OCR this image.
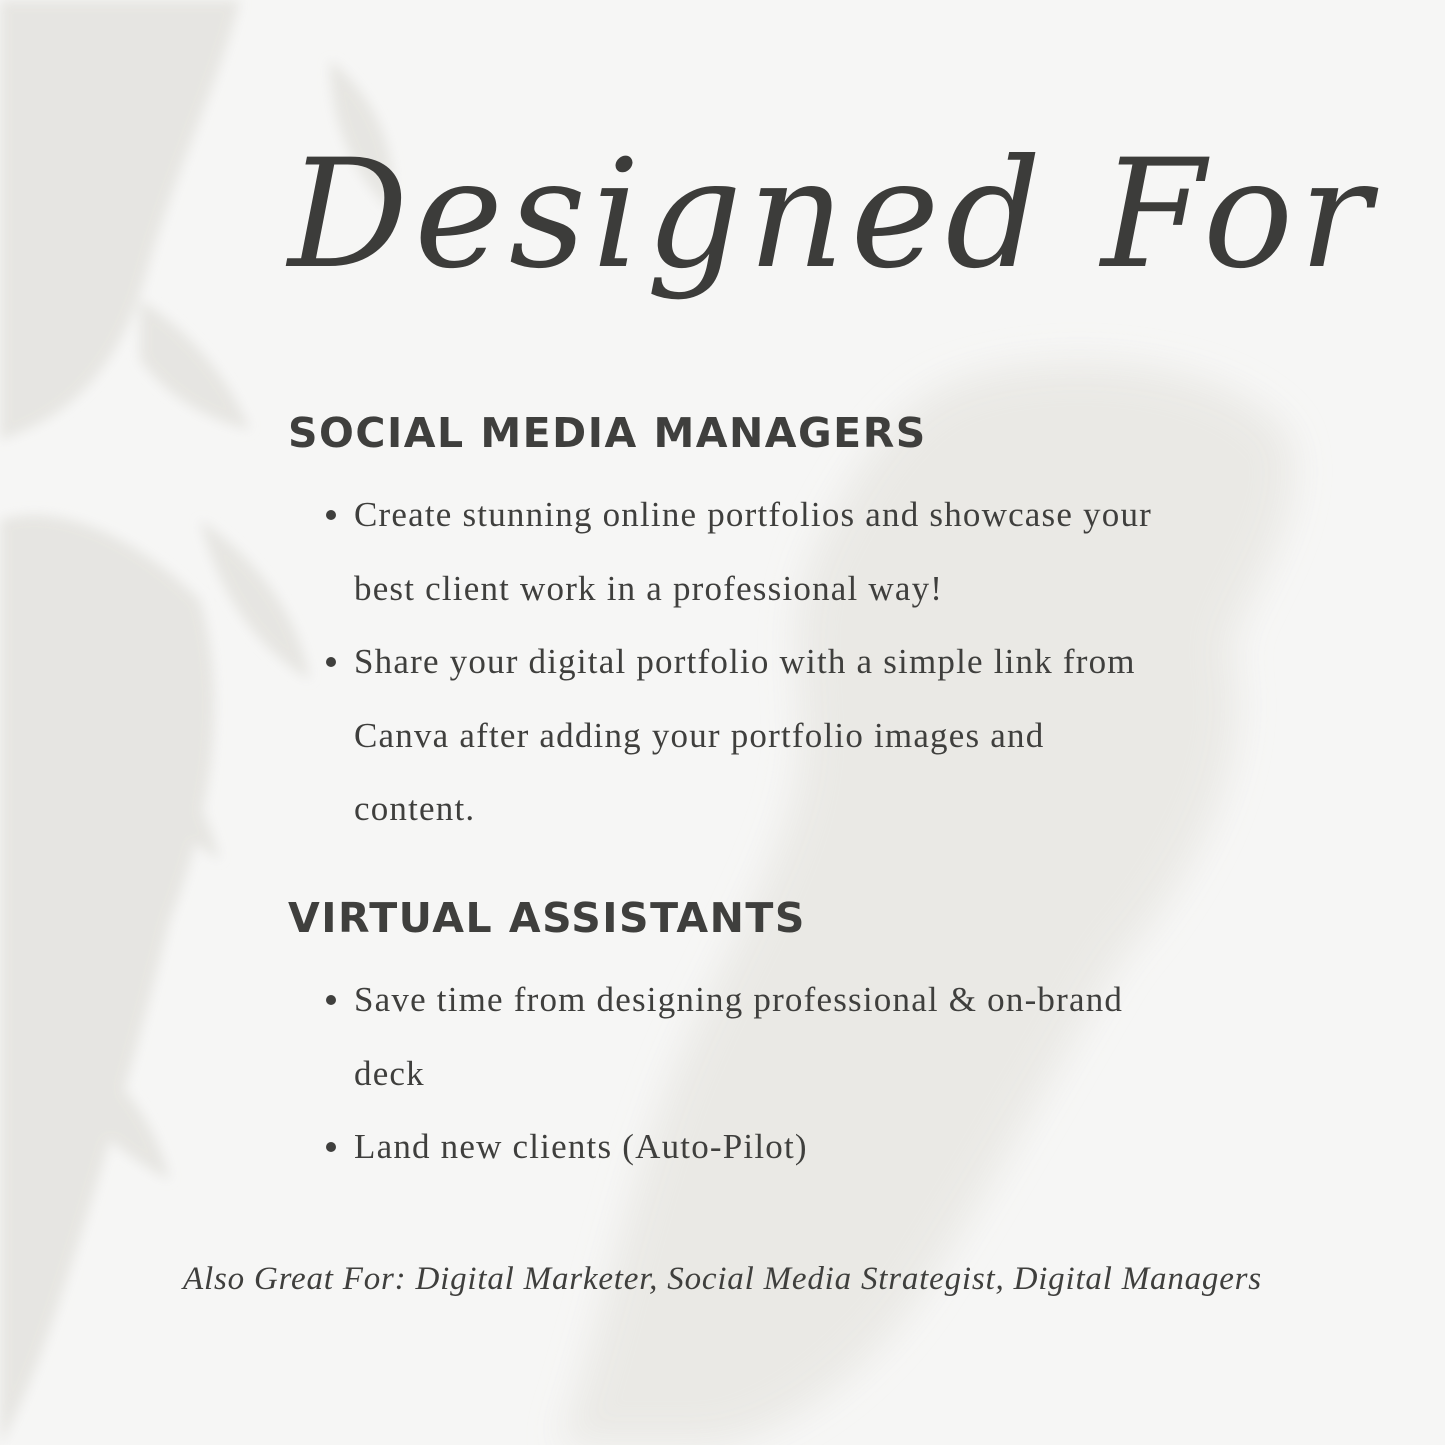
Designed For
SOCIAL MEDIA MANAGERS
Create stunning online portfolios and showcase your best client work in a professional way!
Share your digital portfolio with a simple link from Canva after adding your portfolio images and content.
VIRTUAL ASSISTANTS
Save time from designing professional & on-brand deck
Land new clients (Auto-Pilot)
Also Great For: Digital Marketer, Social Media Strategist, Digital Managers
